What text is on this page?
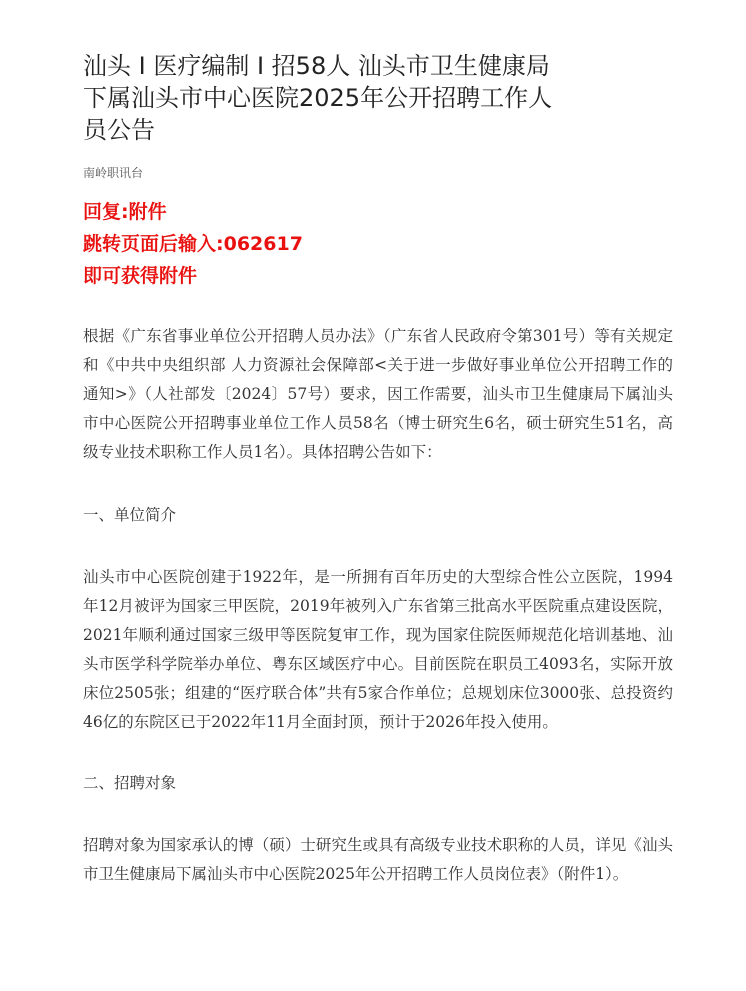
汕头 I 医疗编制 I 招58人 汕头市卫生健康局下属汕头市中心医院2025年公开招聘工作人员公告
南岭职讯台
回复:附件
跳转页面后输入:062617
即可获得附件

根据《广东省事业单位公开招聘人员办法》（广东省人民政府令第301号）等有关规定和《中共中央组织部 人力资源社会保障部<关于进一步做好事业单位公开招聘工作的通知>》（人社部发〔2024〕57号）要求，因工作需要，汕头市卫生健康局下属汕头市中心医院公开招聘事业单位工作人员58名（博士研究生6名，硕士研究生51名，高级专业技术职称工作人员1名）。具体招聘公告如下：

一、单位简介

汕头市中心医院创建于1922年，是一所拥有百年历史的大型综合性公立医院，1994年12月被评为国家三甲医院，2019年被列入广东省第三批高水平医院重点建设医院，2021年顺利通过国家三级甲等医院复审工作，现为国家住院医师规范化培训基地、汕头市医学科学院举办单位、粤东区域医疗中心。目前医院在职员工4093名，实际开放床位2505张；组建的“医疗联合体”共有5家合作单位；总规划床位3000张、总投资约46亿的东院区已于2022年11月全面封顶，预计于2026年投入使用。

二、招聘对象

招聘对象为国家承认的博（硕）士研究生或具有高级专业技术职称的人员，详见《汕头市卫生健康局下属汕头市中心医院2025年公开招聘工作人员岗位表》（附件1）。
